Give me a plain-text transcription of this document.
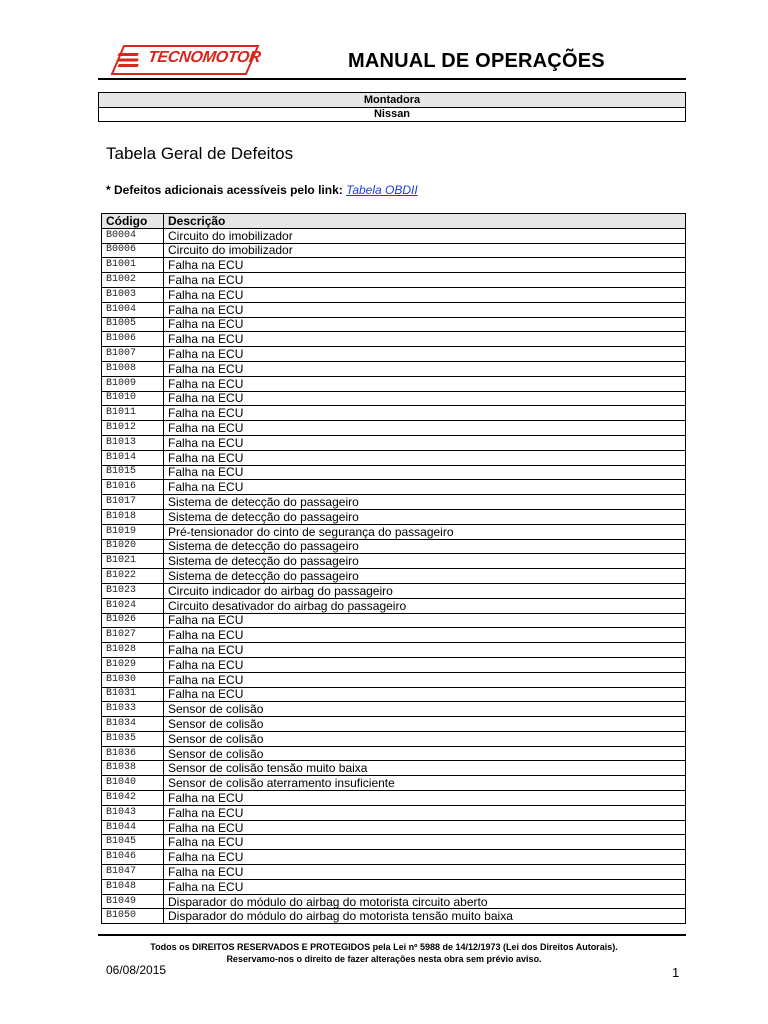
TECNOMOTOR	MANUAL DE OPERAÇÕES
Montadora
Nissan
Tabela Geral de Defeitos
* Defeitos adicionais acessíveis pelo link: Tabela OBDII
Código	Descrição
B0004	Circuito do imobilizador
B0006	Circuito do imobilizador
B1001	Falha na ECU
B1002	Falha na ECU
B1003	Falha na ECU
B1004	Falha na ECU
B1005	Falha na ECU
B1006	Falha na ECU
B1007	Falha na ECU
B1008	Falha na ECU
B1009	Falha na ECU
B1010	Falha na ECU
B1011	Falha na ECU
B1012	Falha na ECU
B1013	Falha na ECU
B1014	Falha na ECU
B1015	Falha na ECU
B1016	Falha na ECU
B1017	Sistema de detecção do passageiro
B1018	Sistema de detecção do passageiro
B1019	Pré-tensionador do cinto de segurança do passageiro
B1020	Sistema de detecção do passageiro
B1021	Sistema de detecção do passageiro
B1022	Sistema de detecção do passageiro
B1023	Circuito indicador do airbag do passageiro
B1024	Circuito desativador do airbag do passageiro
B1026	Falha na ECU
B1027	Falha na ECU
B1028	Falha na ECU
B1029	Falha na ECU
B1030	Falha na ECU
B1031	Falha na ECU
B1033	Sensor de colisão
B1034	Sensor de colisão
B1035	Sensor de colisão
B1036	Sensor de colisão
B1038	Sensor de colisão tensão muito baixa
B1040	Sensor de colisão aterramento insuficiente
B1042	Falha na ECU
B1043	Falha na ECU
B1044	Falha na ECU
B1045	Falha na ECU
B1046	Falha na ECU
B1047	Falha na ECU
B1048	Falha na ECU
B1049	Disparador do módulo do airbag do motorista circuito aberto
B1050	Disparador do módulo do airbag do motorista tensão muito baixa
Todos os DIREITOS RESERVADOS E PROTEGIDOS pela Lei nº 5988 de 14/12/1973 (Lei dos Direitos Autorais).
Reservamo-nos o direito de fazer alterações nesta obra sem prévio aviso.
06/08/2015	1
